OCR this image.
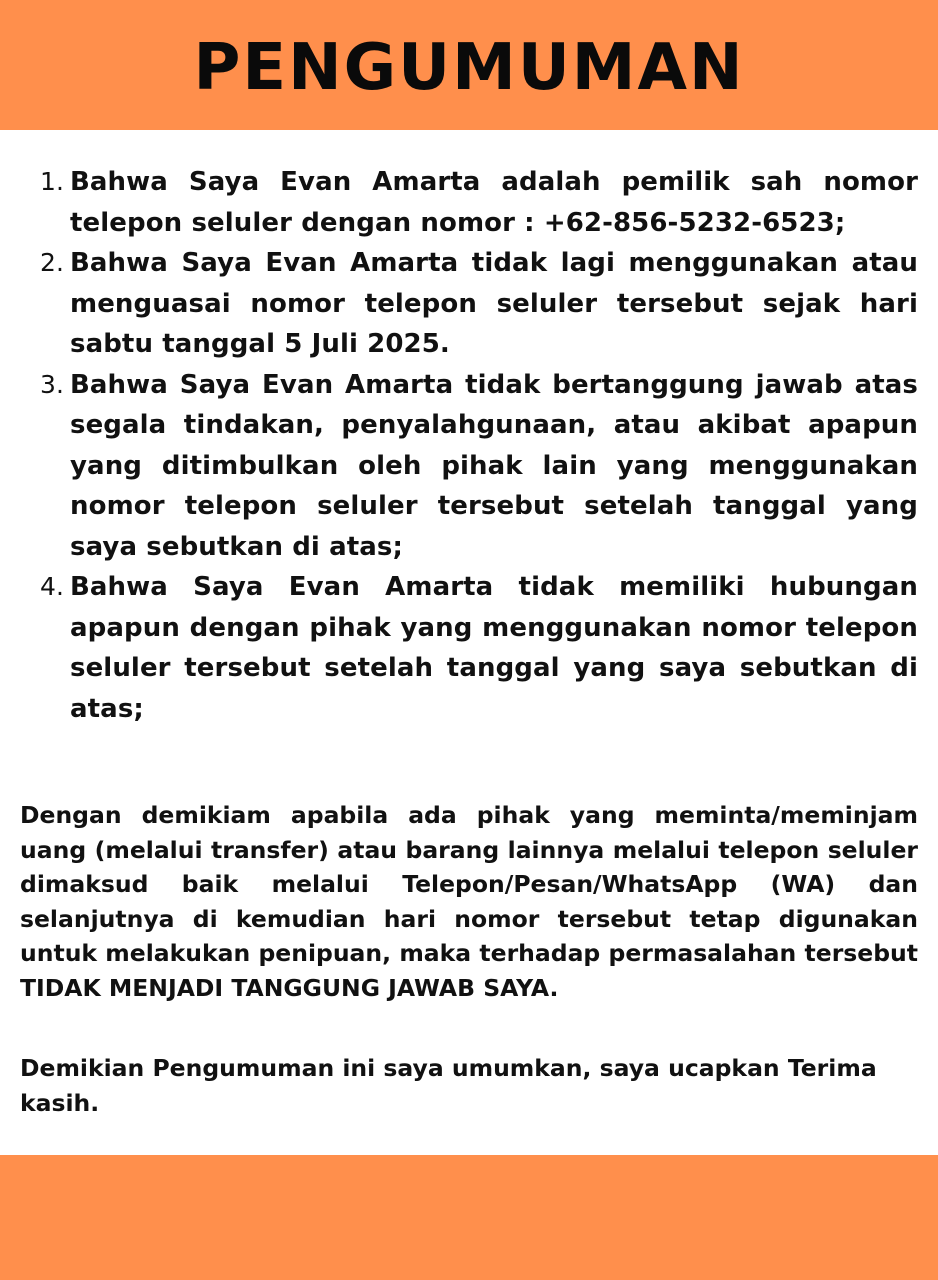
PENGUMUMAN
1. Bahwa Saya Evan Amarta adalah pemilik sah nomor telepon seluler dengan nomor : +62-856-5232-6523;
2. Bahwa Saya Evan Amarta tidak lagi menggunakan atau menguasai nomor telepon seluler tersebut sejak hari sabtu tanggal 5 Juli 2025.
3. Bahwa Saya Evan Amarta tidak bertanggung jawab atas segala tindakan, penyalahgunaan, atau akibat apapun yang ditimbulkan oleh pihak lain yang menggunakan nomor telepon seluler tersebut setelah tanggal yang saya sebutkan di atas;
4. Bahwa Saya Evan Amarta tidak memiliki hubungan apapun dengan pihak yang menggunakan nomor telepon seluler tersebut setelah tanggal yang saya sebutkan di atas;

Dengan demikiam apabila ada pihak yang meminta/meminjam uang (melalui transfer) atau barang lainnya melalui telepon seluler dimaksud baik melalui Telepon/Pesan/WhatsApp (WA) dan selanjutnya di kemudian hari nomor tersebut tetap digunakan untuk melakukan penipuan, maka terhadap permasalahan tersebut TIDAK MENJADI TANGGUNG JAWAB SAYA.

Demikian Pengumuman ini saya umumkan, saya ucapkan Terima kasih.
